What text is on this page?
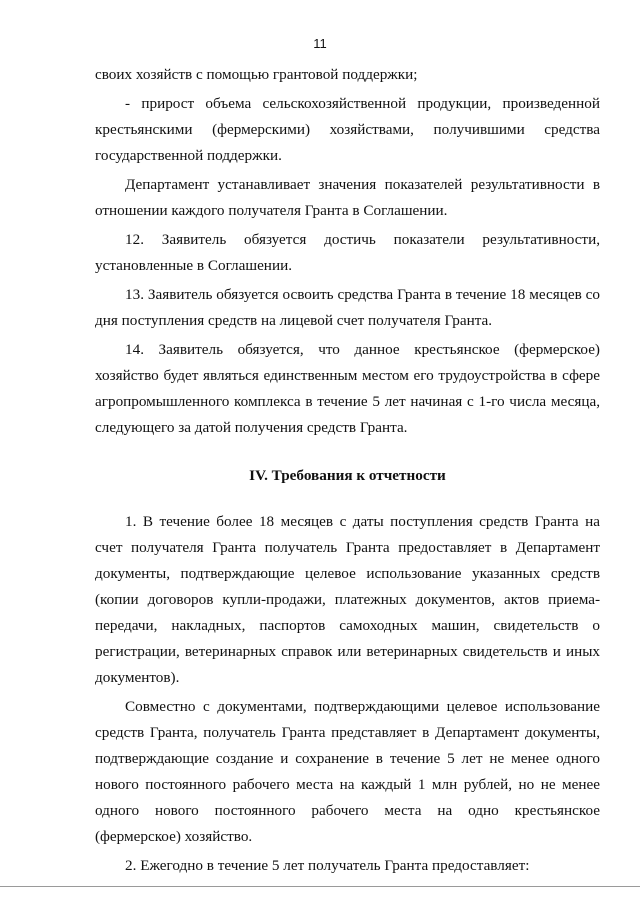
11

своих хозяйств с помощью грантовой поддержки;

- прирост объема сельскохозяйственной продукции, произведенной крестьянскими (фермерскими) хозяйствами, получившими средства государственной поддержки.

Департамент устанавливает значения показателей результативности в отношении каждого получателя Гранта в Соглашении.

12. Заявитель обязуется достичь показатели результативности, установленные в Соглашении.

13. Заявитель обязуется освоить средства Гранта в течение 18 месяцев со дня поступления средств на лицевой счет получателя Гранта.

14. Заявитель обязуется, что данное крестьянское (фермерское) хозяйство будет являться единственным местом его трудоустройства в сфере агропромышленного комплекса в течение 5 лет начиная с 1-го числа месяца, следующего за датой получения средств Гранта.

IV. Требования к отчетности

1. В течение более 18 месяцев с даты поступления средств Гранта на счет получателя Гранта получатель Гранта предоставляет в Департамент документы, подтверждающие целевое использование указанных средств (копии договоров купли-продажи, платежных документов, актов приема-передачи, накладных, паспортов самоходных машин, свидетельств о регистрации, ветеринарных справок или ветеринарных свидетельств и иных документов).

Совместно с документами, подтверждающими целевое использование средств Гранта, получатель Гранта представляет в Департамент документы, подтверждающие создание и сохранение в течение 5 лет не менее одного нового постоянного рабочего места на каждый 1 млн рублей, но не менее одного нового постоянного рабочего места на одно крестьянское (фермерское) хозяйство.

2. Ежегодно в течение 5 лет получатель Гранта предоставляет:
